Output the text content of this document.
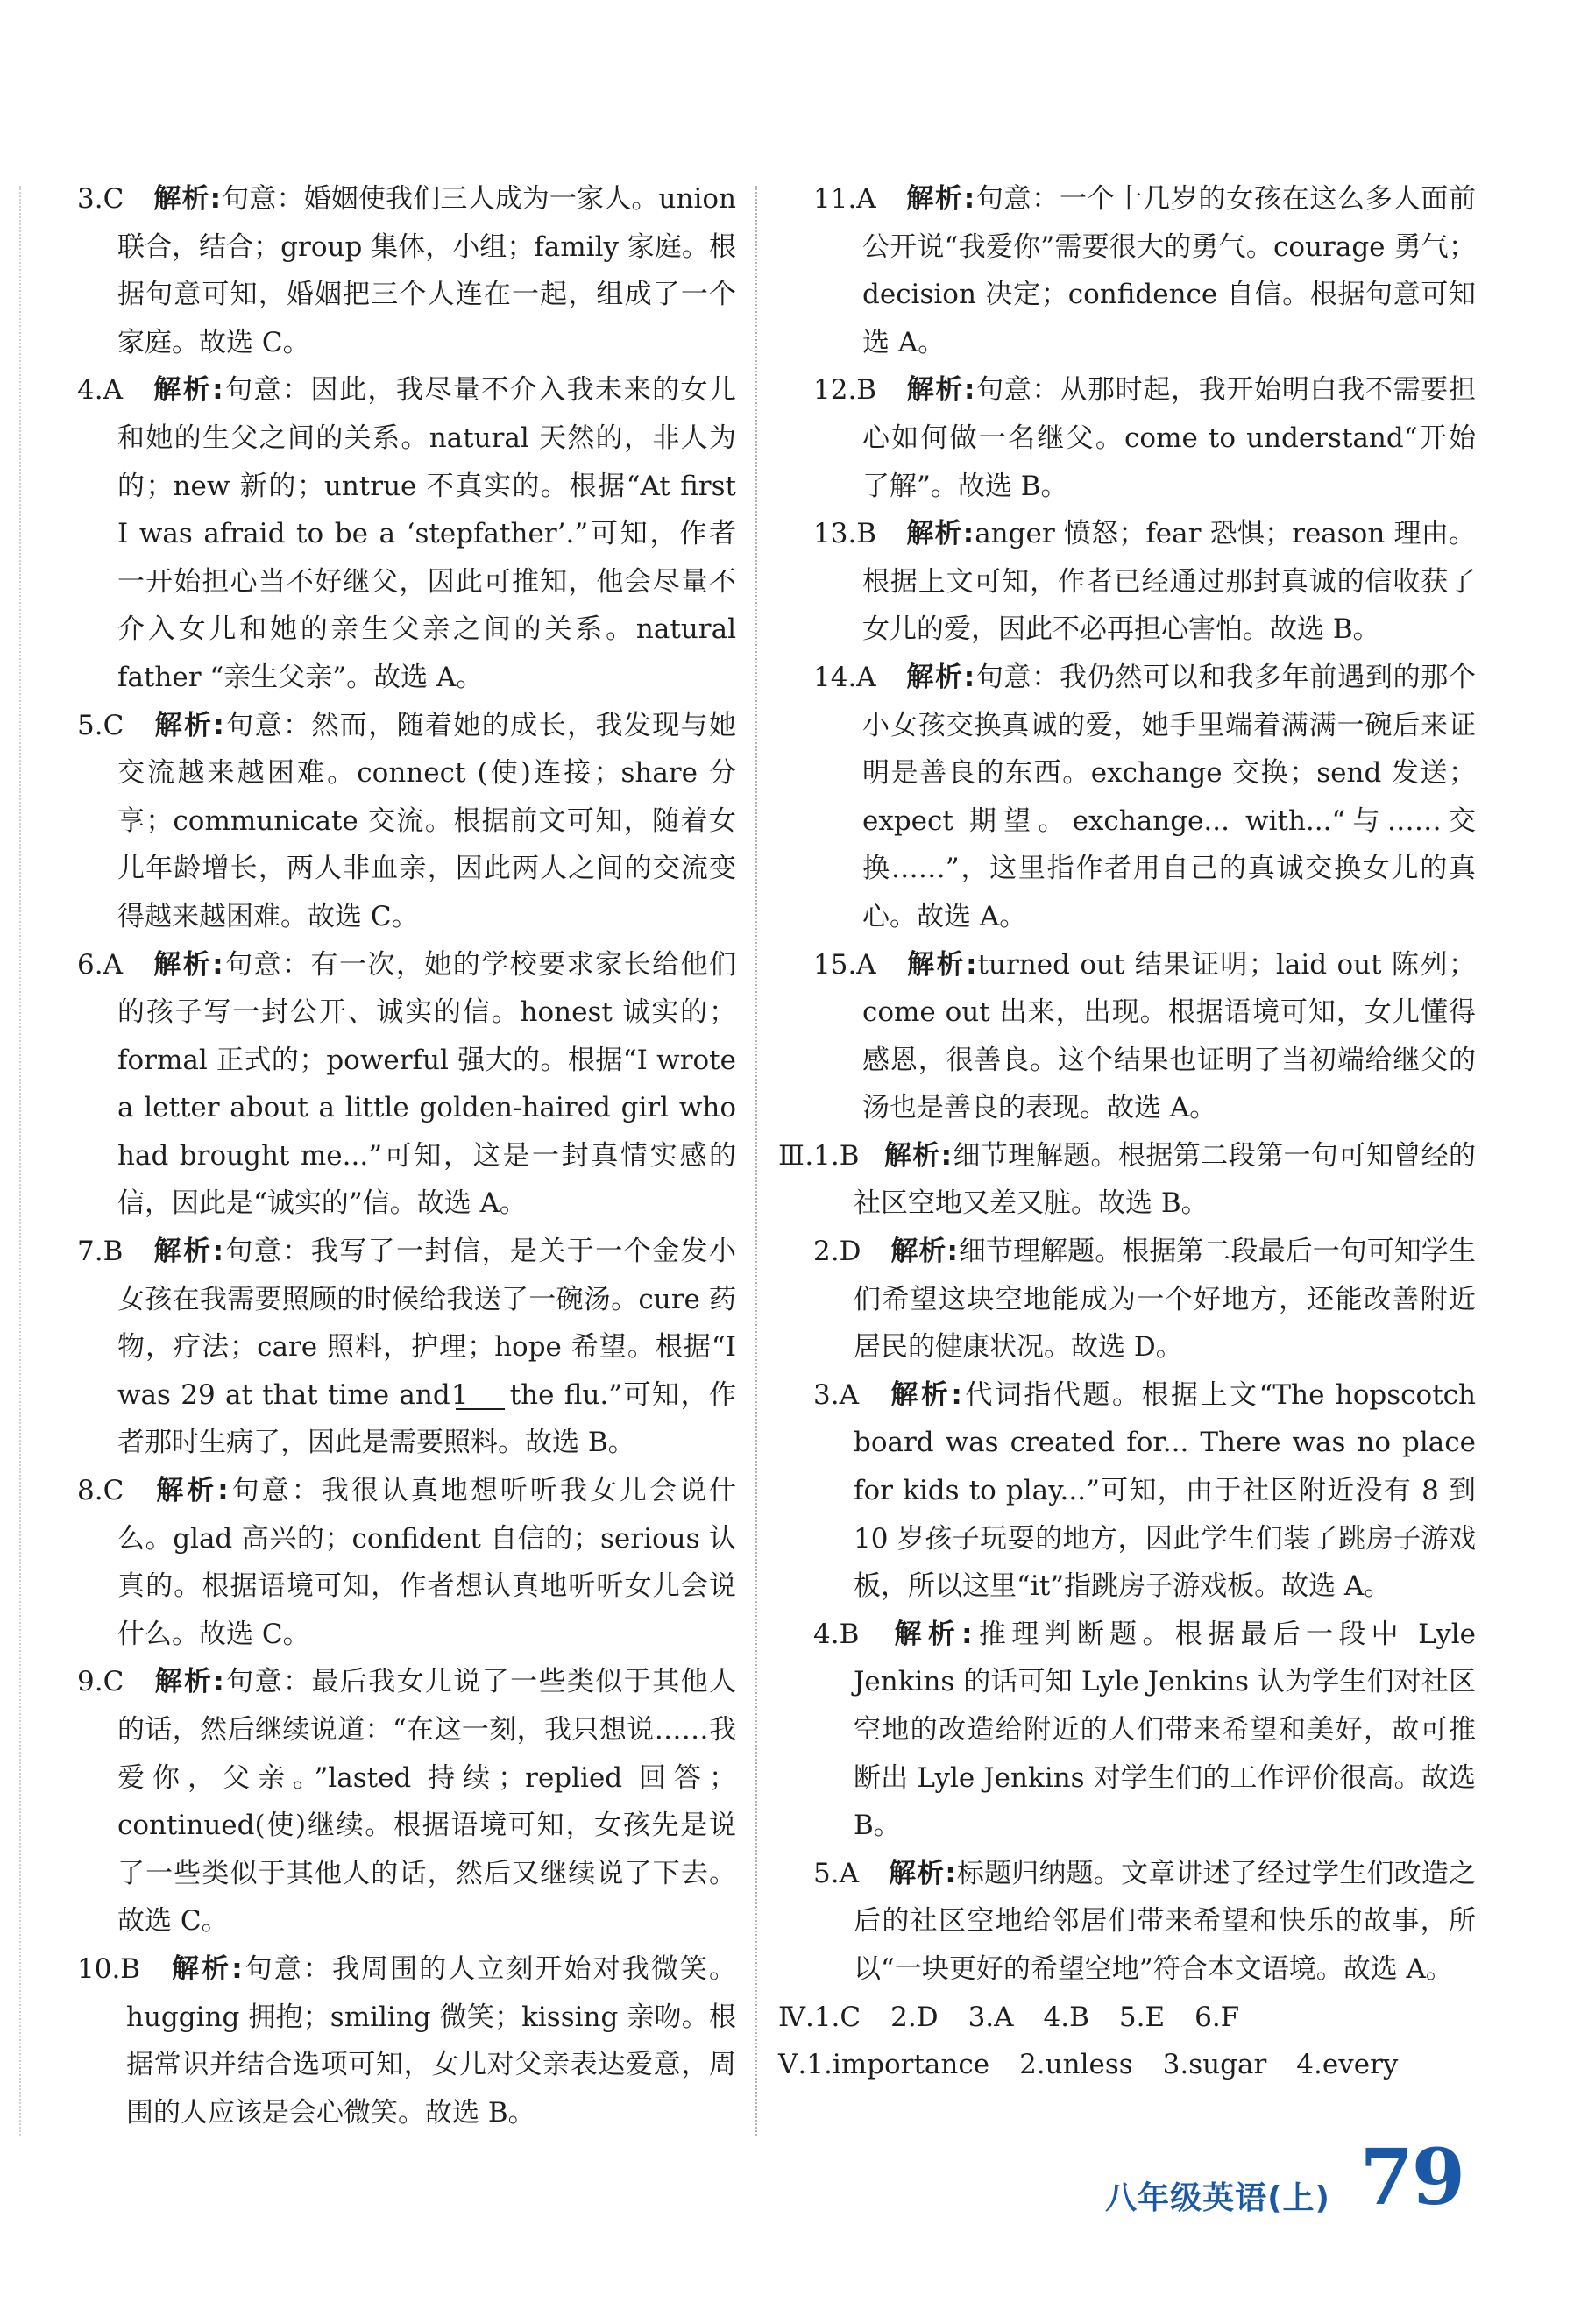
3.C 解析:句意：婚姻使我们三人成为一家人。union 联合，结合；group 集体，小组；family 家庭。根据句意可知，婚姻把三个人连在一起，组成了一个家庭。故选 C。
4.A 解析:句意：因此，我尽量不介入我未来的女儿和她的生父之间的关系。natural 天然的，非人为的；new 新的；untrue 不真实的。根据“At first I was afraid to be a ‘stepfather’.”可知，作者一开始担心当不好继父，因此可推知，他会尽量不介入女儿和她的亲生父亲之间的关系。natural father “亲生父亲”。故选 A。
5.C 解析:句意：然而，随着她的成长，我发现与她交流越来越困难。connect (使)连接；share 分享；communicate 交流。根据前文可知，随着女儿年龄增长，两人非血亲，因此两人之间的交流变得越来越困难。故选 C。
6.A 解析:句意：有一次，她的学校要求家长给他们的孩子写一封公开、诚实的信。honest 诚实的；formal 正式的；powerful 强大的。根据“I wrote a letter about a little golden-haired girl who had brought me...”可知，这是一封真情实感的信，因此是“诚实的”信。故选 A。
7.B 解析:句意：我写了一封信，是关于一个金发小女孩在我需要照顾的时候给我送了一碗汤。cure 药物，疗法；care 照料，护理；hope 希望。根据“I was 29 at that time and1 the flu.”可知，作者那时生病了，因此是需要照料。故选 B。
8.C 解析:句意：我很认真地想听听我女儿会说什么。glad 高兴的；confident 自信的；serious 认真的。根据语境可知，作者想认真地听听女儿会说什么。故选 C。
9.C 解析:句意：最后我女儿说了一些类似于其他人的话，然后继续说道：“在这一刻，我只想说……我爱你，父亲。”lasted 持续；replied 回答；continued(使)继续。根据语境可知，女孩先是说了一些类似于其他人的话，然后又继续说了下去。故选 C。
10.B 解析:句意：我周围的人立刻开始对我微笑。hugging 拥抱；smiling 微笑；kissing 亲吻。根据常识并结合选项可知，女儿对父亲表达爱意，周围的人应该是会心微笑。故选 B。
11.A 解析:句意：一个十几岁的女孩在这么多人面前公开说“我爱你”需要很大的勇气。courage 勇气；decision 决定；confidence 自信。根据句意可知选 A。
12.B 解析:句意：从那时起，我开始明白我不需要担心如何做一名继父。come to understand“开始了解”。故选 B。
13.B 解析:anger 愤怒；fear 恐惧；reason 理由。根据上文可知，作者已经通过那封真诚的信收获了女儿的爱，因此不必再担心害怕。故选 B。
14.A 解析:句意：我仍然可以和我多年前遇到的那个小女孩交换真诚的爱，她手里端着满满一碗后来证明是善良的东西。exchange 交换；send 发送；expect 期望。exchange... with...“与……交换……”，这里指作者用自己的真诚交换女儿的真心。故选 A。
15.A 解析:turned out 结果证明；laid out 陈列；come out 出来，出现。根据语境可知，女儿懂得感恩，很善良。这个结果也证明了当初端给继父的汤也是善良的表现。故选 A。
Ⅲ.1.B 解析:细节理解题。根据第二段第一句可知曾经的社区空地又差又脏。故选 B。
2.D 解析:细节理解题。根据第二段最后一句可知学生们希望这块空地能成为一个好地方，还能改善附近居民的健康状况。故选 D。
3.A 解析:代词指代题。根据上文“The hopscotch board was created for... There was no place for kids to play...”可知，由于社区附近没有 8 到 10 岁孩子玩耍的地方，因此学生们装了跳房子游戏板，所以这里“it”指跳房子游戏板。故选 A。
4.B 解析:推理判断题。根据最后一段中 Lyle Jenkins 的话可知 Lyle Jenkins 认为学生们对社区空地的改造给附近的人们带来希望和美好，故可推断出 Lyle Jenkins 对学生们的工作评价很高。故选 B。
5.A 解析:标题归纳题。文章讲述了经过学生们改造之后的社区空地给邻居们带来希望和快乐的故事，所以“一块更好的希望空地”符合本文语境。故选 A。
Ⅳ.1.C 2.D 3.A 4.B 5.E 6.F
Ⅴ.1.importance 2.unless 3.sugar 4.every
八年级英语(上) 79
